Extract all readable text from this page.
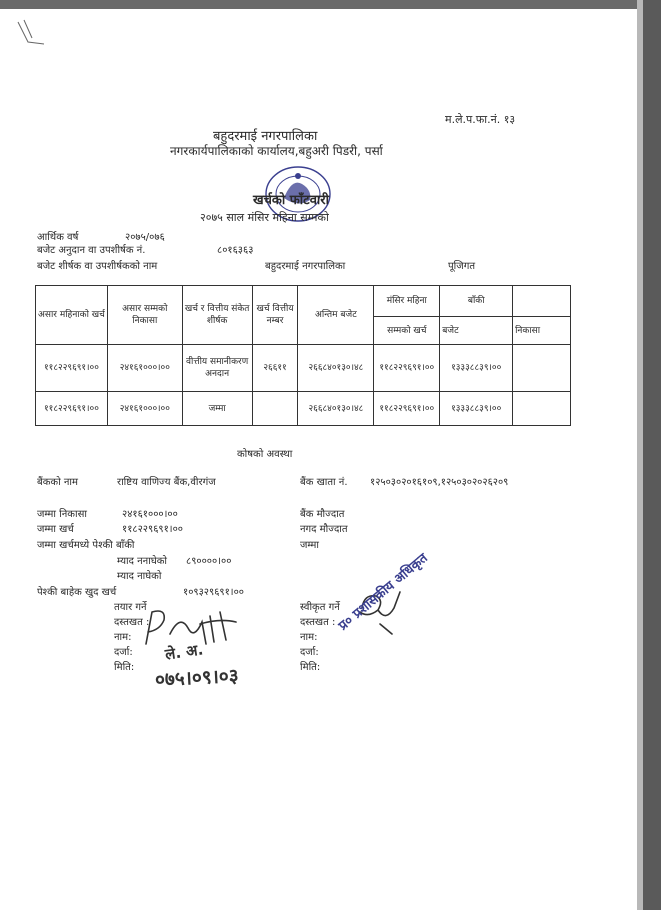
म.ले.प.फा.नं. १३
बहुदरमाई नगरपालिका
नगरकार्यपालिकाको कार्यालय,बहुअरी पिडरी, पर्सा
खर्चको फाँटवारी
२०७५ साल मंसिर महिना सम्मको
आर्थिक वर्ष	२०७५/०७६
बजेट अनुदान वा उपशीर्षक नं.	८०१६३६३
बजेट शीर्षक वा उपशीर्षकको नाम	बहुदरमाई नगरपालिका	पूजिगत
असार महिनाको खर्च	असार सम्मको निकासा	खर्च र वित्तीय संकेत शीर्षक	खर्च वित्तीय नम्बर	अन्तिम बजेट	मंसिर महिना	बाँकी	
					सम्मको खर्च	बजेट	निकासा
११८२२९६९१।००	२४१६१०००।००	वीत्तीय समानीकरण अनदान	२६६११	२६६८४०१३०।४८	११८२२९६९१।००	१३३३८८३९।००	
११८२२९६९१।००	२४१६१०००।००	जम्मा		२६६८४०१३०।४८	११८२२९६९१।००	१३३३८८३९।००	
कोषको अवस्था
बैंकको नाम	राष्टिय वाणिज्य बैंक,वीरगंज	बैंक खाता नं. १२५०३०२०१६१०९,१२५०३०२०२६२०९
जम्मा निकासा	२४१६१०००।००	बैंक मौज्दात
जम्मा खर्च	११८२२९६९१।००	नगद मौज्दात
जम्मा खर्चमध्ये पेश्की बाँकी	जम्मा
म्याद ननाघेको ८९००००।००
म्याद नाघेको
पेश्की बाहेक खुद खर्च	१०९३२९६९१।००
तयार गर्ने
दस्तखत :
नाम:
दर्जा:
मिति:
स्वीकृत गर्ने
दस्तखत :
नाम:
दर्जा:
मिति:
ले. अ.
०७५।०९।०३
प्र० प्रशासकीय अधिकृत
